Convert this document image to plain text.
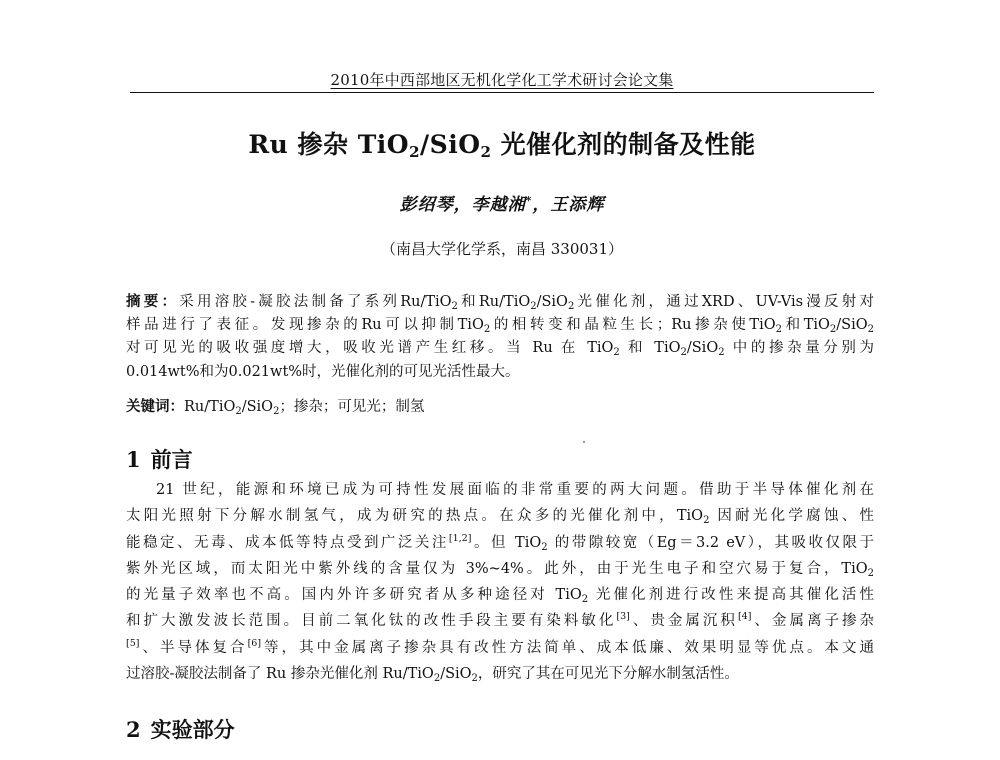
2010年中西部地区无机化学化工学术研讨会论文集
Ru 掺杂 TiO$_2$/SiO$_2$ 光催化剂的制备及性能
彭绍琴，李越湘*，王添辉
（南昌大学化学系，南昌 330031）
摘要：采用溶胶-凝胶法制备了系列Ru/TiO$_2$和Ru/TiO$_2$/SiO$_2$光催化剂，通过XRD、UV-Vis漫反射对
样品进行了表征。发现掺杂的Ru可以抑制TiO$_2$的相转变和晶粒生长；Ru掺杂使TiO$_2$和TiO$_2$/SiO$_2$
对可见光的吸收强度增大，吸收光谱产生红移。当 Ru 在 TiO$_2$ 和 TiO$_2$/SiO$_2$ 中的掺杂量分别为
0.014wt%和为0.021wt%时，光催化剂的可见光活性最大。
关键词：Ru/TiO$_2$/SiO$_2$；掺杂；可见光；制氢
1 前言
21 世纪，能源和环境已成为可持性发展面临的非常重要的两大问题。借助于半导体催化剂在
太阳光照射下分解水制氢气，成为研究的热点。在众多的光催化剂中，TiO$_2$ 因耐光化学腐蚀、性
能稳定、无毒、成本低等特点受到广泛关注[1,2]。但 TiO$_2$ 的带隙较宽（Eg＝3.2 eV），其吸收仅限于
紫外光区域，而太阳光中紫外线的含量仅为 3%~4%。此外，由于光生电子和空穴易于复合，TiO$_2$
的光量子效率也不高。国内外许多研究者从多种途径对 TiO$_2$ 光催化剂进行改性来提高其催化活性
和扩大激发波长范围。目前二氧化钛的改性手段主要有染料敏化[3]、贵金属沉积[4]、金属离子掺杂
[5]、半导体复合[6]等，其中金属离子掺杂具有改性方法简单、成本低廉、效果明显等优点。本文通
过溶胶-凝胶法制备了 Ru 掺杂光催化剂 Ru/TiO$_2$/SiO$_2$，研究了其在可见光下分解水制氢活性。
2 实验部分
